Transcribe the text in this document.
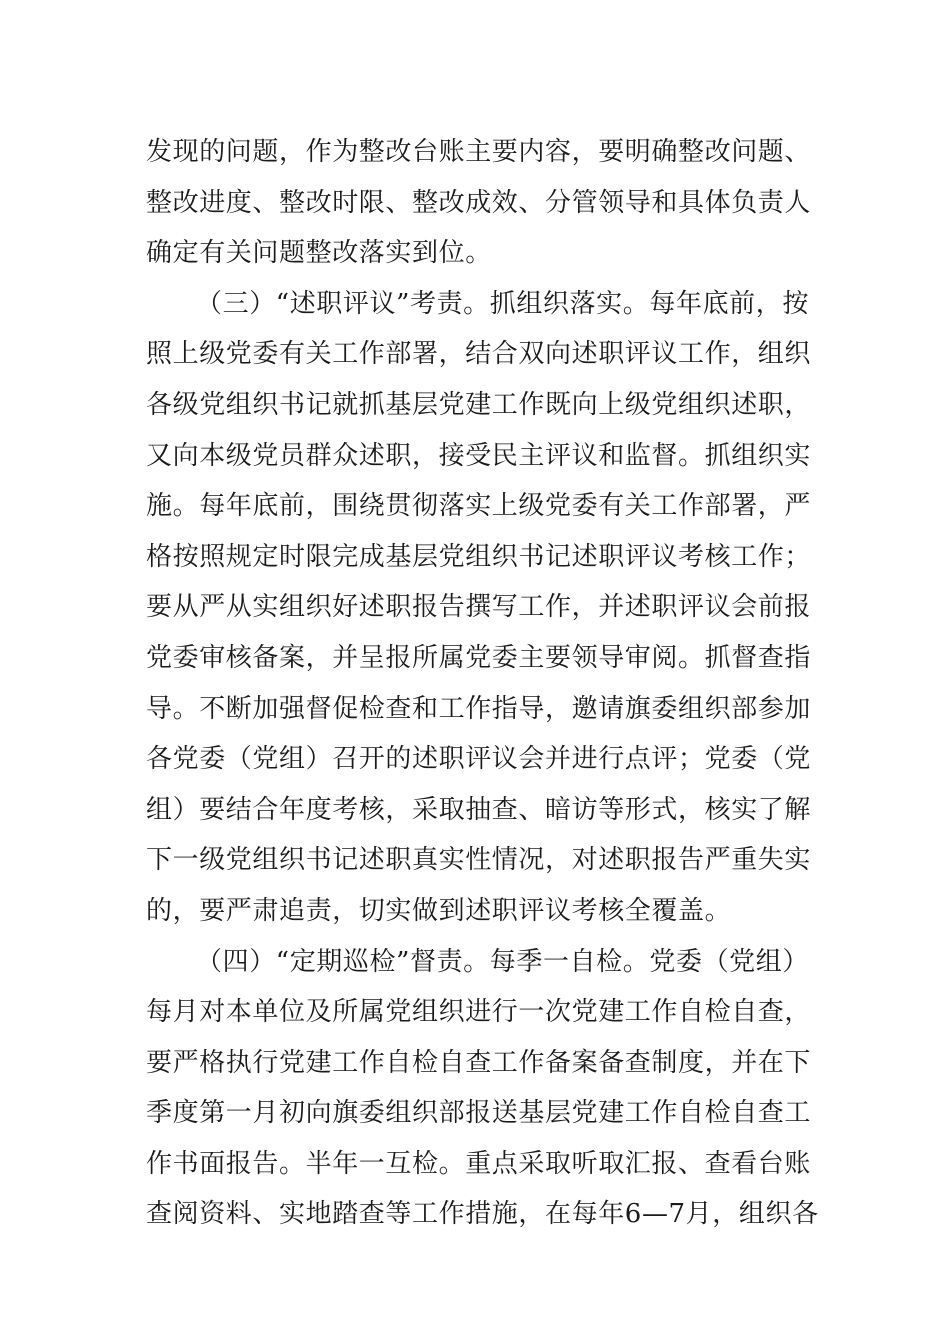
发现的问题，作为整改台账主要内容，要明确整改问题、
整改进度、整改时限、整改成效、分管领导和具体负责人
确定有关问题整改落实到位。
（三）“述职评议”考责。抓组织落实。每年底前，按
照上级党委有关工作部署，结合双向述职评议工作，组织
各级党组织书记就抓基层党建工作既向上级党组织述职，
又向本级党员群众述职，接受民主评议和监督。抓组织实
施。每年底前，围绕贯彻落实上级党委有关工作部署，严
格按照规定时限完成基层党组织书记述职评议考核工作；
要从严从实组织好述职报告撰写工作，并述职评议会前报
党委审核备案，并呈报所属党委主要领导审阅。抓督查指
导。不断加强督促检查和工作指导，邀请旗委组织部参加
各党委（党组）召开的述职评议会并进行点评；党委（党
组）要结合年度考核，采取抽查、暗访等形式，核实了解
下一级党组织书记述职真实性情况，对述职报告严重失实
的，要严肃追责，切实做到述职评议考核全覆盖。
（四）“定期巡检”督责。每季一自检。党委（党组）
每月对本单位及所属党组织进行一次党建工作自检自查，
要严格执行党建工作自检自查工作备案备查制度，并在下
季度第一月初向旗委组织部报送基层党建工作自检自查工
作书面报告。半年一互检。重点采取听取汇报、查看台账
查阅资料、实地踏查等工作措施，在每年6—7月，组织各
